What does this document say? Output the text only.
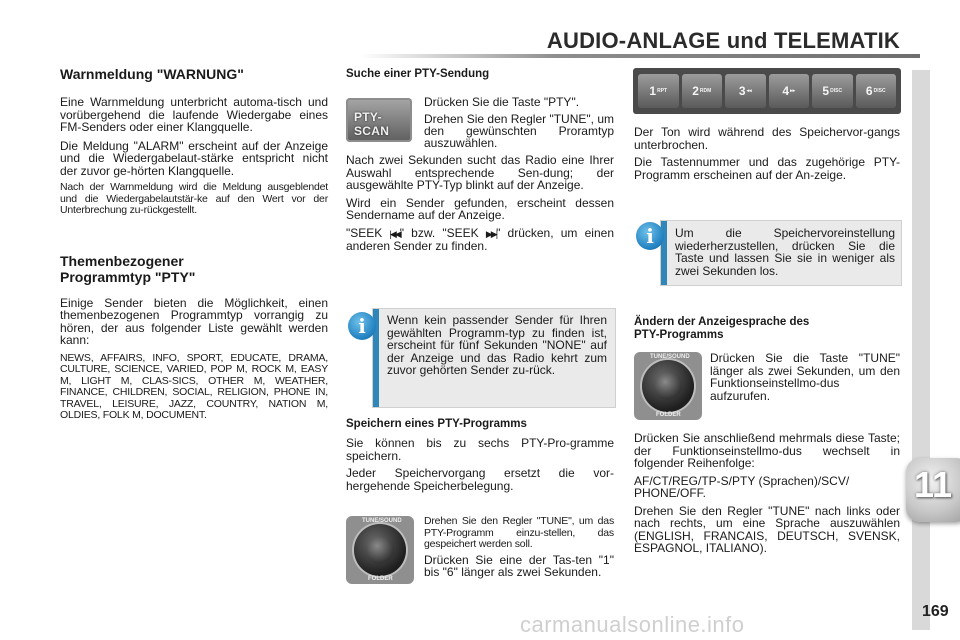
AUDIO-ANLAGE und TELEMATIK
11
Warnmeldung "WARNUNG"

Eine Warnmeldung unterbricht automa-tisch und vorübergehend die laufende Wiedergabe eines FM-Senders oder einer Klangquelle.

Die Meldung "ALARM" erscheint auf der Anzeige und die Wiedergabelaut-stärke entspricht nicht der zuvor ge-hörten Klangquelle.

Nach der Warnmeldung wird die Meldung ausgeblendet und die Wiedergabelautstär-ke auf den Wert vor der Unterbrechung zu-rückgestellt.

Themenbezogener
Programmtyp "PTY"

Einige Sender bieten die Möglichkeit, einen themenbezogenen Programmtyp vorrangig zu hören, der aus folgender Liste gewählt werden kann:

NEWS, AFFAIRS, INFO, SPORT, EDUCATE, DRAMA, CULTURE, SCIENCE, VARIED, POP M, ROCK M, EASY M, LIGHT M, CLAS-SICS, OTHER M, WEATHER, FINANCE, CHILDREN, SOCIAL, RELIGION, PHONE IN, TRAVEL, LEISURE, JAZZ, COUNTRY, NATION M, OLDIES, FOLK M, DOCUMENT.

Suche einer PTY-Sendung
PTY-SCAN

Drücken Sie die Taste "PTY".

Drehen Sie den Regler "TUNE", um den gewünschten Proramtyp auszuwählen.

Nach zwei Sekunden sucht das Radio eine Ihrer Auswahl entsprechende Sen-dung; der ausgewählte PTY-Typ blinkt auf der Anzeige.

Wird ein Sender gefunden, erscheint dessen Sendername auf der Anzeige.

"SEEK |◀◀" bzw. "SEEK ▶▶|" drücken, um einen anderen Sender zu finden.

Wenn kein passender Sender für Ihren gewählten Programm-typ zu finden ist, erscheint für fünf Sekunden "NONE" auf der Anzeige und das Radio kehrt zum zuvor gehörten Sender zu-rück.

i
Speichern eines PTY-Programms

Sie können bis zu sechs PTY-Pro-gramme speichern.

Jeder Speichervorgang ersetzt die vor-hergehende Speicherbelegung.

TUNE/SOUND
FOLDER

Drehen Sie den Regler "TUNE", um das PTY-Programm einzu-stellen, das gespeichert werden soll.

Drücken Sie eine der Tas-ten "1" bis "6" länger als zwei Sekunden.

1 RPT 2 RDM 3 ◂◂	4 ▸▸ 5 DISC 6 DISC

Der Ton wird während des Speichervor-gangs unterbrochen.

Die Tastennummer und das zugehörige PTY-Programm erscheinen auf der An-zeige.

Um die Speichervoreinstellung wiederherzustellen, drücken Sie die Taste und lassen Sie sie in weniger als zwei Sekunden los.

i
Ändern der Anzeigesprache des
PTY-Programms
TUNE/SOUND
FOLDER

Drücken Sie die Taste "TUNE" länger als zwei Sekunden, um den Funktionseinstellmo-dus aufzurufen.

Drücken Sie anschließend mehrmals diese Taste; der Funktionseinstellmo-dus wechselt in folgender Reihenfolge:

AF/CT/REG/TP-S/PTY (Sprachen)/SCV/ PHONE/OFF.

Drehen Sie den Regler "TUNE" nach links oder nach rechts, um eine Sprache auszuwählen (ENGLISH, FRANCAIS, DEUTSCH, SVENSK, ESPAGNOL, ITALIANO).

carmanualsonline.info
169
